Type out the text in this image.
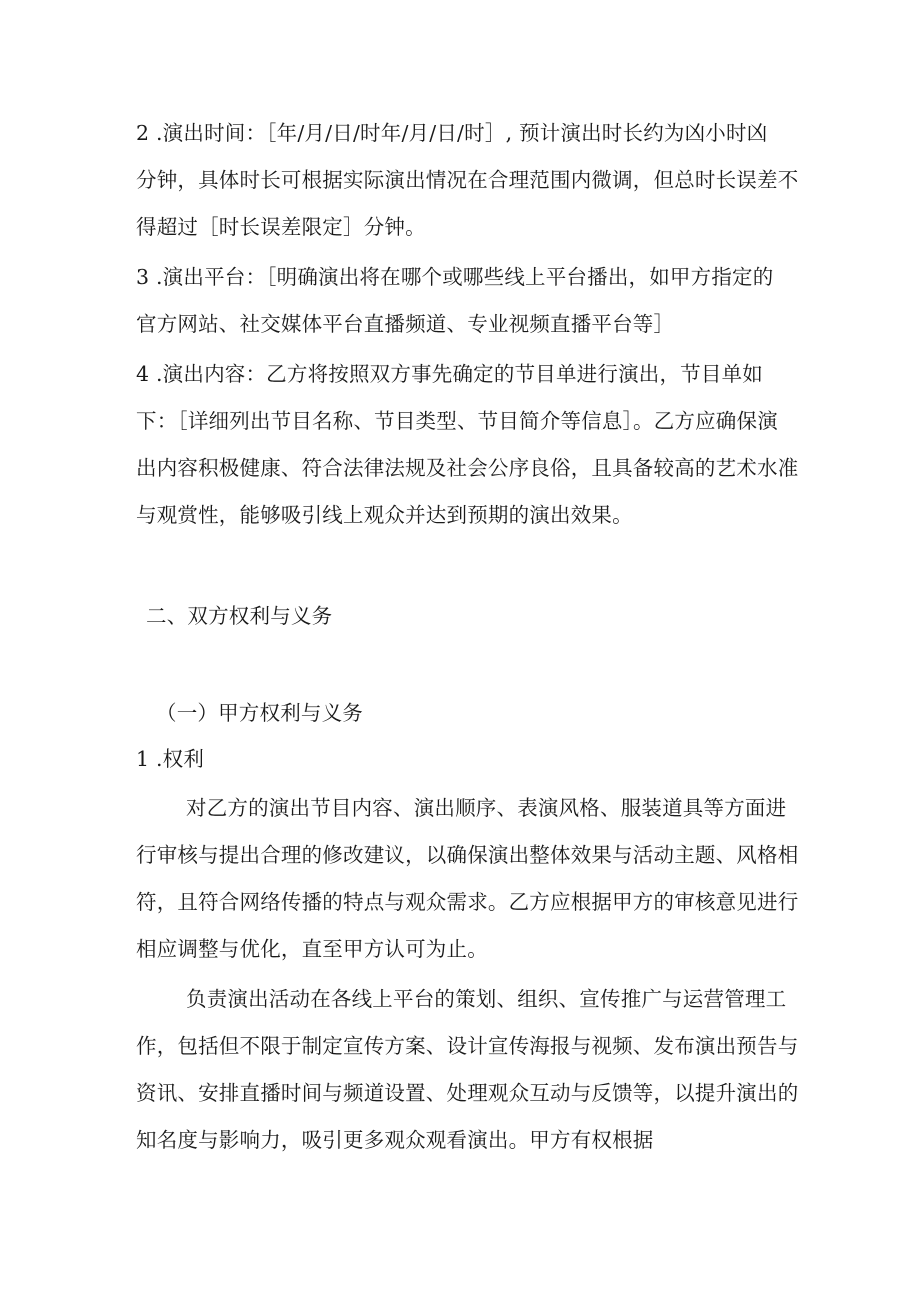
2 .演出时间：［年/月/日/时年/月/日/时］, 预计演出时长约为凶小时凶
分钟，具体时长可根据实际演出情况在合理范围内微调，但总时长误差不
得超过［时长误差限定］分钟。
3 .演出平台：［明确演出将在哪个或哪些线上平台播出，如甲方指定的
官方网站、社交媒体平台直播频道、专业视频直播平台等］
4 .演出内容：乙方将按照双方事先确定的节目单进行演出，节目单如
下：［详细列出节目名称、节目类型、节目简介等信息］。乙方应确保演
出内容积极健康、符合法律法规及社会公序良俗，且具备较高的艺术水准
与观赏性，能够吸引线上观众并达到预期的演出效果。
二、双方权利与义务
（一）甲方权利与义务
1 .权利
对乙方的演出节目内容、演出顺序、表演风格、服装道具等方面进
行审核与提出合理的修改建议，以确保演出整体效果与活动主题、风格相
符，且符合网络传播的特点与观众需求。乙方应根据甲方的审核意见进行
相应调整与优化，直至甲方认可为止。
负责演出活动在各线上平台的策划、组织、宣传推广与运营管理工
作，包括但不限于制定宣传方案、设计宣传海报与视频、发布演出预告与
资讯、安排直播时间与频道设置、处理观众互动与反馈等，以提升演出的
知名度与影响力，吸引更多观众观看演出。甲方有权根据
